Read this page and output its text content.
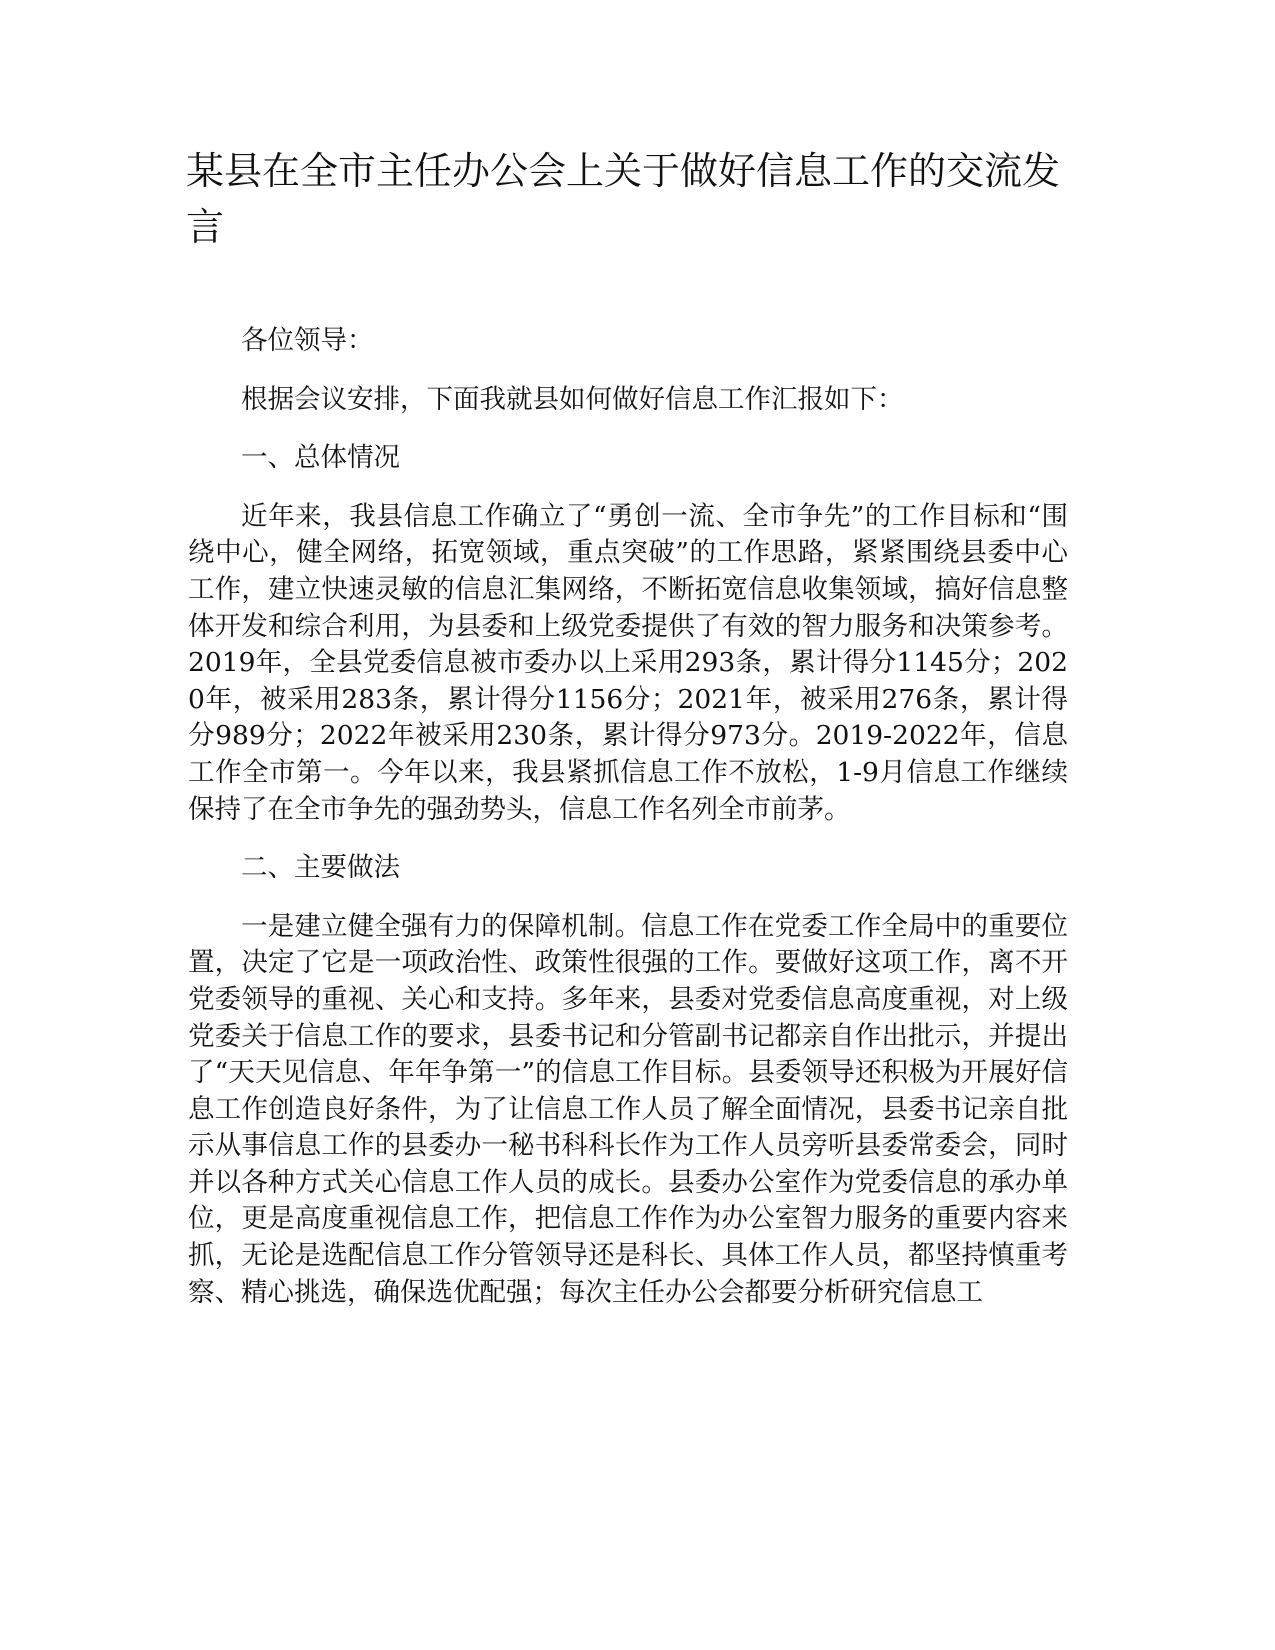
某县在全市主任办公会上关于做好信息工作的交流发言

各位领导：

根据会议安排，下面我就县如何做好信息工作汇报如下：

一、总体情况

近年来，我县信息工作确立了“勇创一流、全市争先”的工作目标和“围绕中心，健全网络，拓宽领域，重点突破”的工作思路，紧紧围绕县委中心工作，建立快速灵敏的信息汇集网络，不断拓宽信息收集领域，搞好信息整体开发和综合利用，为县委和上级党委提供了有效的智力服务和决策参考。2019年，全县党委信息被市委办以上采用293条，累计得分1145分；2020年，被采用283条，累计得分1156分；2021年，被采用276条，累计得分989分；2022年被采用230条，累计得分973分。2019-2022年，信息工作全市第一。今年以来，我县紧抓信息工作不放松，1-9月信息工作继续保持了在全市争先的强劲势头，信息工作名列全市前茅。

二、主要做法

一是建立健全强有力的保障机制。信息工作在党委工作全局中的重要位置，决定了它是一项政治性、政策性很强的工作。要做好这项工作，离不开党委领导的重视、关心和支持。多年来，县委对党委信息高度重视，对上级党委关于信息工作的要求，县委书记和分管副书记都亲自作出批示，并提出了“天天见信息、年年争第一”的信息工作目标。县委领导还积极为开展好信息工作创造良好条件，为了让信息工作人员了解全面情况，县委书记亲自批示从事信息工作的县委办一秘书科科长作为工作人员旁听县委常委会，同时并以各种方式关心信息工作人员的成长。县委办公室作为党委信息的承办单位，更是高度重视信息工作，把信息工作作为办公室智力服务的重要内容来抓，无论是选配信息工作分管领导还是科长、具体工作人员，都坚持慎重考察、精心挑选，确保选优配强；每次主任办公会都要分析研究信息工
